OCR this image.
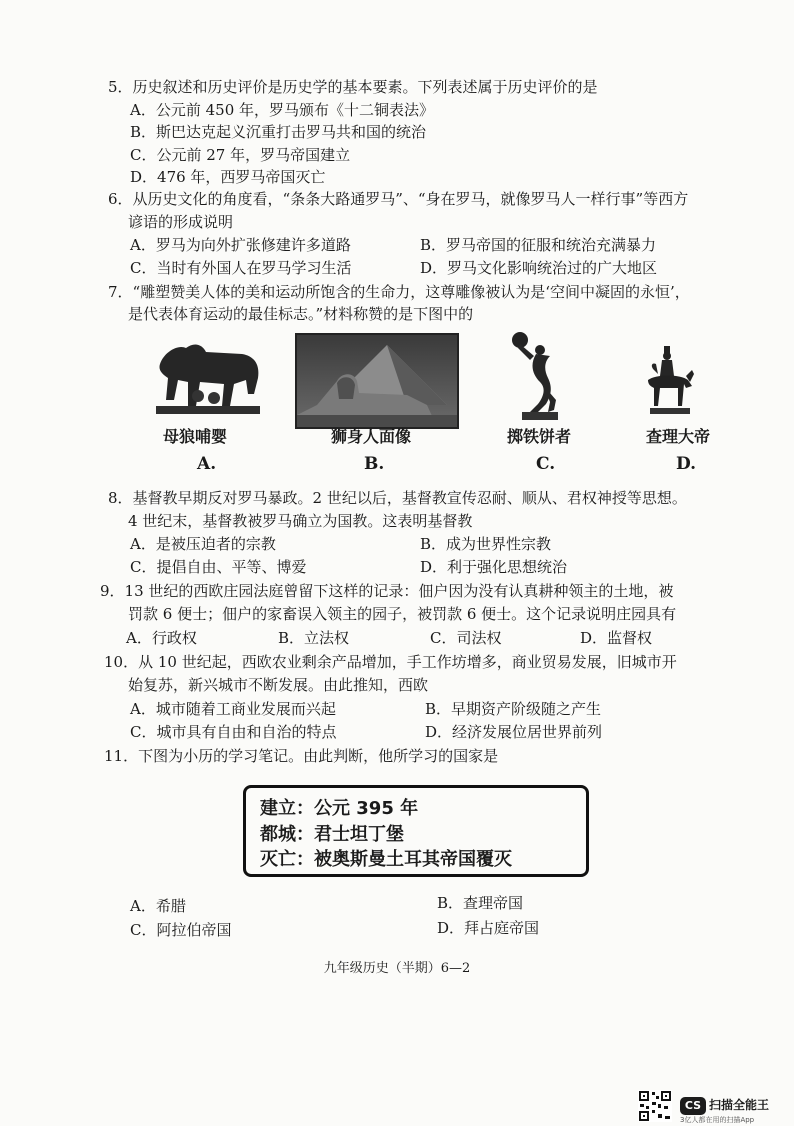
5．历史叙述和历史评价是历史学的基本要素。下列表述属于历史评价的是
A．公元前 450 年，罗马颁布《十二铜表法》
B．斯巴达克起义沉重打击罗马共和国的统治
C．公元前 27 年，罗马帝国建立
D．476 年，西罗马帝国灭亡
6．从历史文化的角度看，“条条大路通罗马”、“身在罗马，就像罗马人一样行事”等西方
谚语的形成说明
A．罗马为向外扩张修建许多道路	B．罗马帝国的征服和统治充满暴力
C．当时有外国人在罗马学习生活	D．罗马文化影响统治过的广大地区
7．“雕塑赞美人体的美和运动所饱含的生命力，这尊雕像被认为是‘空间中凝固的永恒’，
是代表体育运动的最佳标志。”材料称赞的是下图中的
母狼哺婴	狮身人面像	掷铁饼者	查理大帝
A.	B.	C.	D.
8．基督教早期反对罗马暴政。2 世纪以后，基督教宣传忍耐、顺从、君权神授等思想。
4 世纪末，基督教被罗马确立为国教。这表明基督教
A．是被压迫者的宗教	B．成为世界性宗教
C．提倡自由、平等、博爱	D．利于强化思想统治
9．13 世纪的西欧庄园法庭曾留下这样的记录：佃户因为没有认真耕种领主的土地，被
罚款 6 便士；佃户的家畜误入领主的园子，被罚款 6 便士。这个记录说明庄园具有
A．行政权	B．立法权	C．司法权	D．监督权
10．从 10 世纪起，西欧农业剩余产品增加，手工作坊增多，商业贸易发展，旧城市开
始复苏，新兴城市不断发展。由此推知，西欧
A．城市随着工商业发展而兴起	B．早期资产阶级随之产生
C．城市具有自由和自治的特点	D．经济发展位居世界前列
11．下图为小历的学习笔记。由此判断，他所学习的国家是
建立：公元 395 年
都城：君士坦丁堡
灭亡：被奥斯曼土耳其帝国覆灭
A．希腊	B．查理帝国
C．阿拉伯帝国	D．拜占庭帝国
九年级历史（半期）6—2
CS 扫描全能王
3亿人都在用的扫描App
